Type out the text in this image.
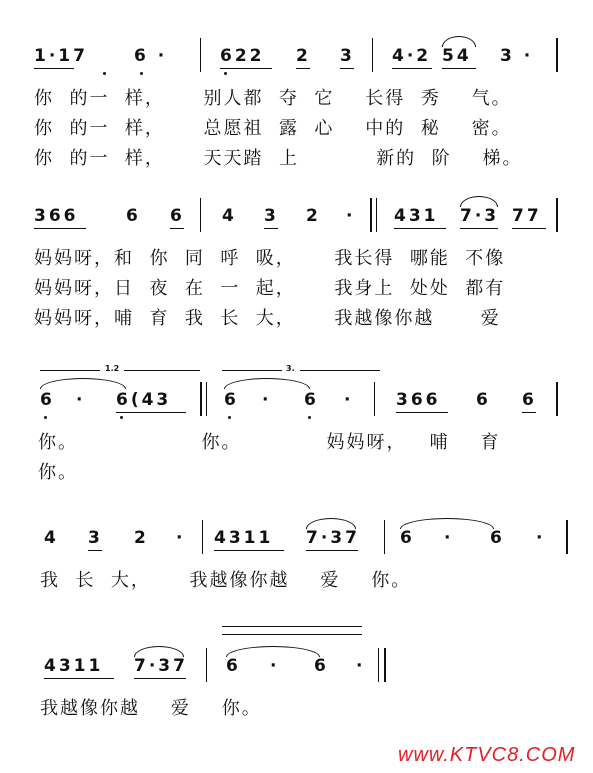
1·17	6 ·	622 2 3 4·2 54 3 ·
你  的一  样，     别人都  夺  它    长得  秀    气。
你  的一  样，     总愿祖  露  心    中的  秘    密。
你  的一  样，     天天踏  上          新的  阶    梯。
366	6 6 4 3 2 · 431 7·3 77
妈妈呀，和  你  同  呼  吸，     我长得  哪能  不像
妈妈呀，日  夜  在  一  起，     我身上  处处  都有
妈妈呀，哺  育  我  长  大，     我越像你越      爱
1.2	3.
6 · 6(43	6 · 6 ·	366 6 6
你。                你。           妈妈呀，   哺    育
你。
4 3 2 · 4311 7·37 6 · 6 ·
我  长  大，     我越像你越    爱    你。
4311 7·37 6 · 6 ·
我越像你越    爱    你。
www.KTVC8.COM
